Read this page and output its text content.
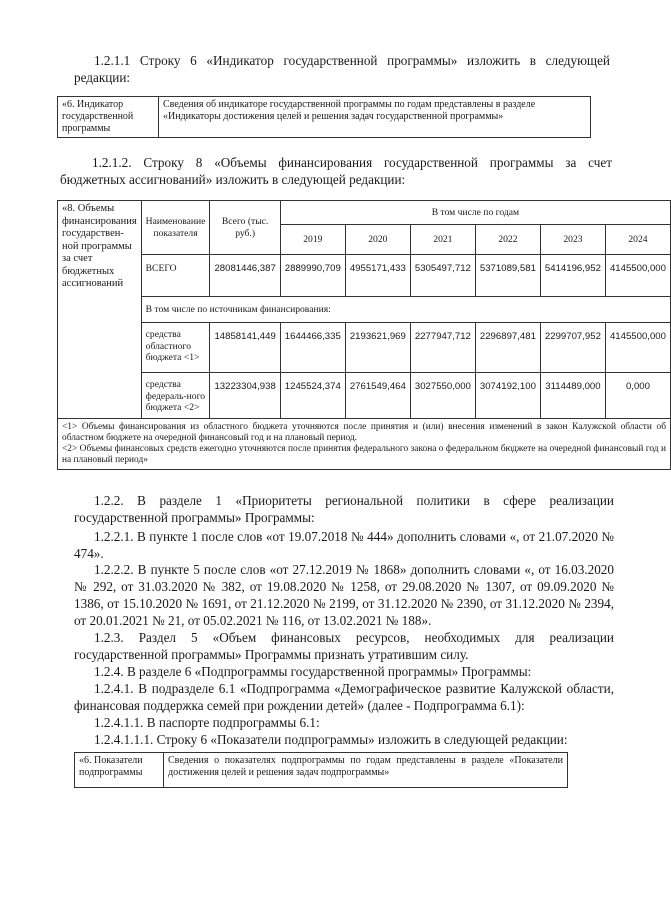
1.2.1.1 Строку 6 «Индикатор государственной программы» изложить в следующей редакции:

«6. Индикатор государственной программы	Сведения об индикаторе государственной программы по годам представлены в разделе «Индикаторы достижения целей и решения задач государственной программы»

1.2.1.2. Строку 8 «Объемы финансирования государственной программы за счет бюджетных ассигнований» изложить в следующей редакции:

«8. Объемы финансирования государствен-ной программы за счет бюджетных ассигнований	Наименование показателя	Всего (тыс. руб.)	В том числе по годам					
			2019	2020	2021	2022	2023	2024
	ВСЕГО	28081446,387	2889990,709	4955171,433	5305497,712	5371089,581	5414196,952	4145500,000
	В том числе по источникам финансирования:							
	средства областного бюджета <1>	14858141,449	1644466,335	2193621,969	2277947,712	2296897,481	2299707,952	4145500,000
	средства федераль-ного бюджета <2>	13223304,938	1245524,374	2761549,464	3027550,000	3074192,100	3114489,000	0,000

<1> Объемы финансирования из областного бюджета уточняются после принятия и (или) внесения изменений в закон Калужской области об областном бюджете на очередной финансовый год и на плановый период.
<2> Объемы финансовых средств ежегодно уточняются после принятия федерального закона о федеральном бюджете на очередной финансовый год и на плановый период»								

1.2.2. В разделе 1 «Приоритеты региональной политики в сфере реализации государственной программы» Программы:

1.2.2.1. В пункте 1 после слов «от 19.07.2018 № 444» дополнить словами «, от 21.07.2020 № 474».

1.2.2.2. В пункте 5 после слов «от 27.12.2019 № 1868» дополнить словами «, от 16.03.2020 № 292, от 31.03.2020 № 382, от 19.08.2020 № 1258, от 29.08.2020 № 1307, от 09.09.2020 № 1386, от 15.10.2020 № 1691, от 21.12.2020 № 2199, от 31.12.2020 № 2390, от 31.12.2020 № 2394, от 20.01.2021 № 21, от 05.02.2021 № 116, от 13.02.2021 № 188».

1.2.3. Раздел 5 «Объем финансовых ресурсов, необходимых для реализации государственной программы» Программы признать утратившим силу.

1.2.4. В разделе 6 «Подпрограммы государственной программы» Программы:

1.2.4.1. В подразделе 6.1 «Подпрограмма «Демографическое развитие Калужской области, финансовая поддержка семей при рождении детей» (далее - Подпрограмма 6.1):

1.2.4.1.1. В паспорте подпрограммы 6.1:

1.2.4.1.1.1. Строку 6 «Показатели подпрограммы» изложить в следующей редакции:

«6. Показатели подпрограммы	Сведения о показателях подпрограммы по годам представлены в разделе «Показатели достижения целей и решения задач подпрограммы»
